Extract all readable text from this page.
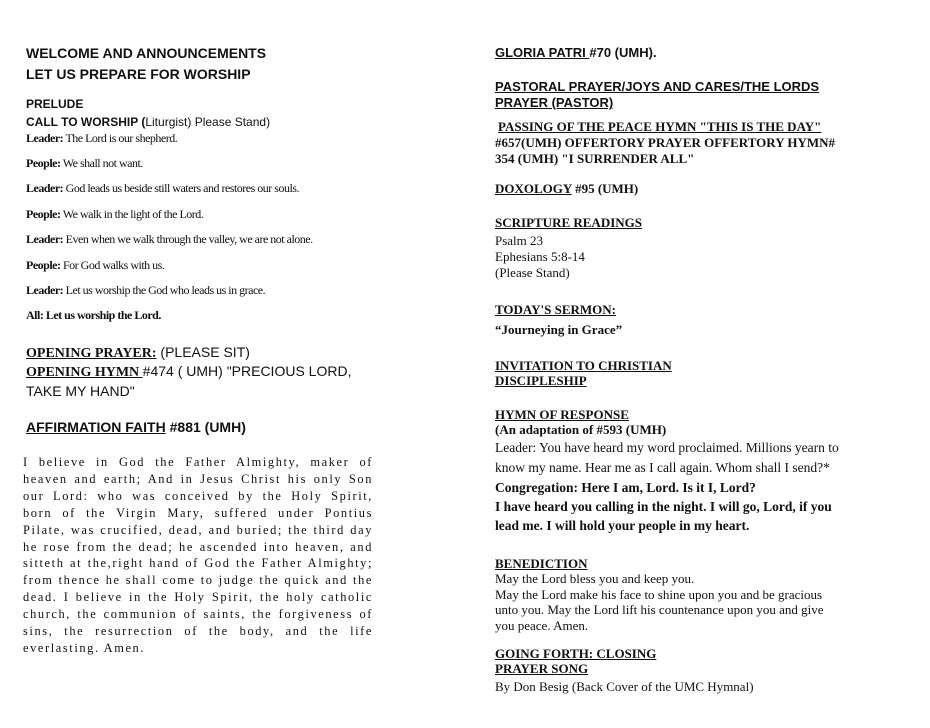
WELCOME AND ANNOUNCEMENTS
LET US PREPARE FOR WORSHIP
PRELUDE
CALL TO WORSHIP (Liturgist) Please Stand)
Leader: The Lord is our shepherd.
People: We shall not want.
Leader: God leads us beside still waters and restores our souls.
People: We walk in the light of the Lord.
Leader: Even when we walk through the valley, we are not alone.
People: For God walks with us.
Leader: Let us worship the God who leads us in grace.
All: Let us worship the Lord.
OPENING PRAYER: (PLEASE SIT)
OPENING HYMN #474 ( UMH) "PRECIOUS LORD,
TAKE MY HAND"
AFFIRMATION FAITH #881 (UMH)
I believe in God the Father Almighty, maker of heaven and earth; And in Jesus Christ his only Son our Lord: who was conceived by the Holy Spirit, born of the Virgin Mary, suffered under Pontius Pilate, was crucified, dead, and buried; the third day he rose from the dead; he ascended into heaven, and sitteth at the,right hand of God the Father Almighty; from thence he shall come to judge the quick and the dead. I believe in the Holy Spirit, the holy catholic church, the communion of saints, the forgiveness of sins, the resurrection of the body, and the life everlasting. Amen.
GLORIA PATRI #70 (UMH).
PASTORAL PRAYER/JOYS AND CARES/THE LORDS
PRAYER (PASTOR)
PASSING OF THE PEACE HYMN "THIS IS THE DAY"
#657(UMH) OFFERTORY PRAYER OFFERTORY HYMN#
354 (UMH) "I SURRENDER ALL"
DOXOLOGY #95 (UMH)
SCRIPTURE READINGS
Psalm 23
Ephesians 5:8-14
(Please Stand)
TODAY'S SERMON:
“Journeying in Grace”
INVITATION TO CHRISTIAN
DISCIPLESHIP
HYMN OF RESPONSE
(An adaptation of #593 (UMH)
Leader: You have heard my word proclaimed. Millions yearn to
know my name. Hear me as I call again. Whom shall I send?*
Congregation: Here I am, Lord. Is it I, Lord?
I have heard you calling in the night. I will go, Lord, if you
lead me. I will hold your people in my heart.
BENEDICTION
May the Lord bless you and keep you.
May the Lord make his face to shine upon you and be gracious
unto you. May the Lord lift his countenance upon you and give
you peace. Amen.
GOING FORTH: CLOSING
PRAYER SONG
By Don Besig (Back Cover of the UMC Hymnal)
